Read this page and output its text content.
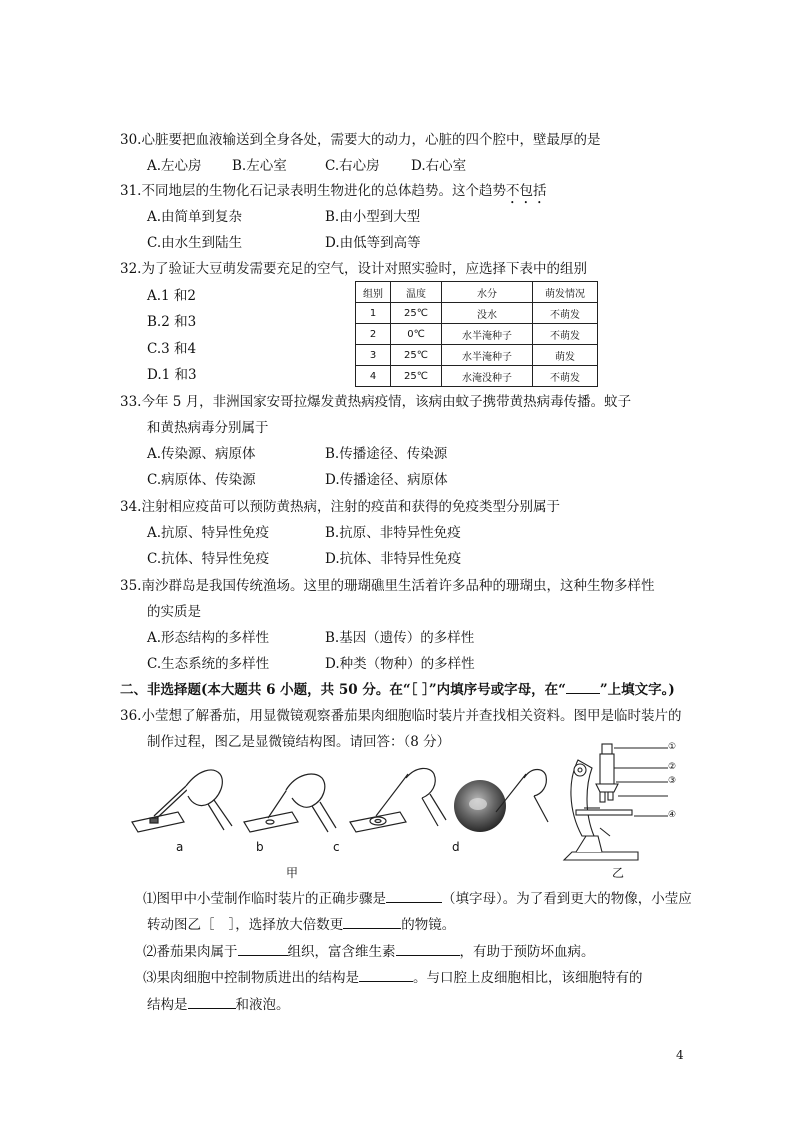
30.心脏要把血液输送到全身各处，需要大的动力，心脏的四个腔中，壁最厚的是
A.左心房 B.左心室	C.右心房 D.右心室
31.不同地层的生物化石记录表明生物进化的总体趋势。这个趋势不包括
A.由简单到复杂	B.由小型到大型
C.由水生到陆生	D.由低等到高等
32.为了验证大豆萌发需要充足的空气，设计对照实验时，应选择下表中的组别
A.1 和2
B.2 和3
C.3 和4
D.1 和3
组别	温度	水分	萌发情况
1	25℃	没水	不萌发
2	0℃	水半淹种子	不萌发
3	25℃	水半淹种子	萌发
4	25℃	水淹没种子	不萌发
33.今年 5 月，非洲国家安哥拉爆发黄热病疫情，该病由蚊子携带黄热病毒传播。蚊子
和黄热病毒分别属于
A.传染源、病原体	B.传播途径、传染源
C.病原体、传染源	D.传播途径、病原体
34.注射相应疫苗可以预防黄热病，注射的疫苗和获得的免疫类型分别属于
A.抗原、特异性免疫	B.抗原、非特异性免疫
C.抗体、特异性免疫	D.抗体、非特异性免疫
35.南沙群岛是我国传统渔场。这里的珊瑚礁里生活着许多品种的珊瑚虫，这种生物多样性
的实质是
A.形态结构的多样性	B.基因（遗传）的多样性
C.生态系统的多样性	D.种类（物种）的多样性
二、非选择题(本大题共 6 小题，共 50 分。在“［ ］”内填序号或字母，在“	”上填文字。)
36.小莹想了解番茄，用显微镜观察番茄果肉细胞临时装片并查找相关资料。图甲是临时装片的
制作过程，图乙是显微镜结构图。请回答：（8 分）
a	b	c	d
甲
①
②
③
④
乙
⑴图甲中小莹制作临时装片的正确步骤是	（填字母）。为了看到更大的物像，小莹应
转动图乙［ ］，选择放大倍数更	的物镜。
⑵番茄果肉属于	组织，富含维生素	，有助于预防坏血病。
⑶果肉细胞中控制物质进出的结构是	。与口腔上皮细胞相比，该细胞特有的
结构是	和液泡。
4
